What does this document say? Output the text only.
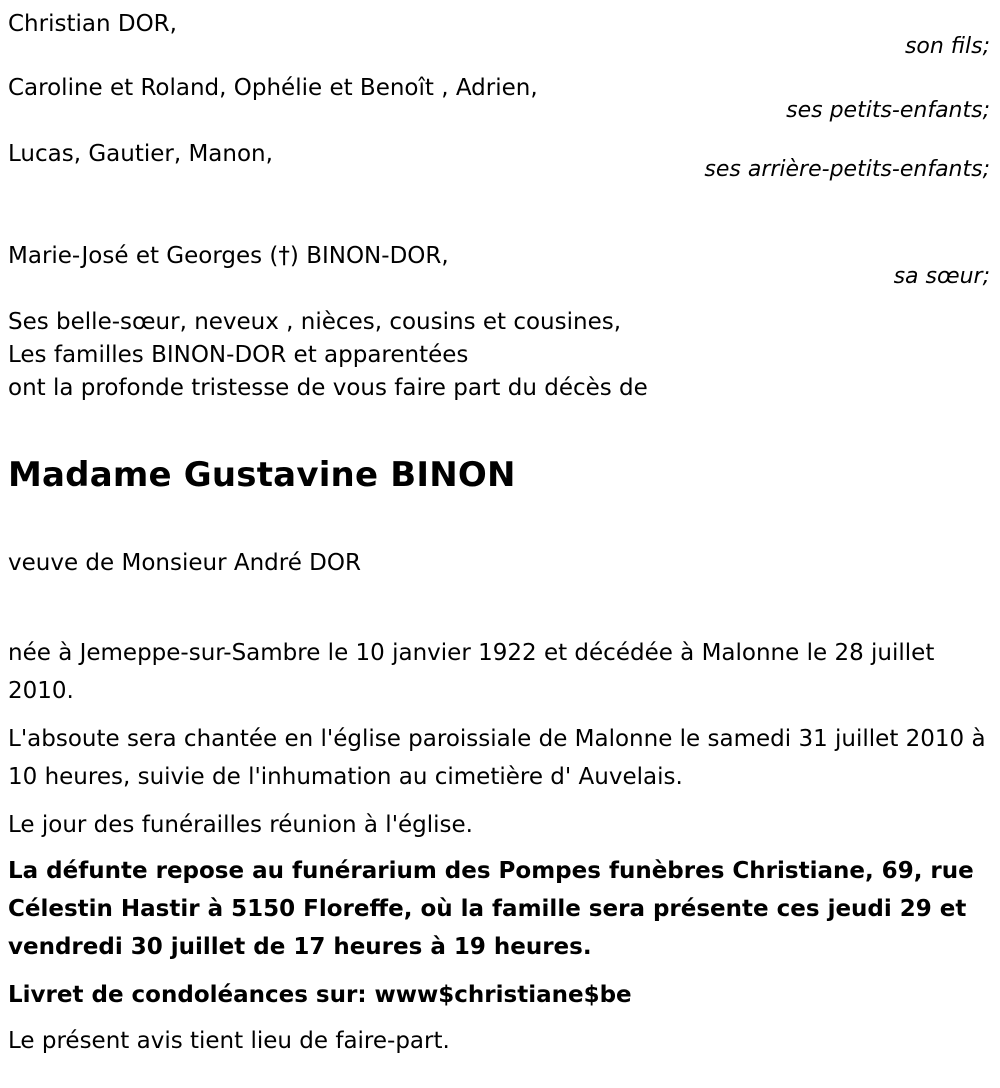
Christian DOR,
son fils;
Caroline et Roland, Ophélie et Benoît , Adrien,
ses petits-enfants;
Lucas, Gautier, Manon,
ses arrière-petits-enfants;
Marie-José et Georges (†) BINON-DOR,
sa sœur;
Ses belle-sœur, neveux , nièces, cousins et cousines,
Les familles BINON-DOR et apparentées
ont la profonde tristesse de vous faire part du décès de
Madame Gustavine BINON
veuve de Monsieur André DOR

née à Jemeppe-sur-Sambre le 10 janvier 1922 et décédée à Malonne le 28 juillet 2010.

L'absoute sera chantée en l'église paroissiale de Malonne le samedi 31 juillet 2010 à 10 heures, suivie de l'inhumation au cimetière d' Auvelais.

Le jour des funérailles réunion à l'église.

La défunte repose au funérarium des Pompes funèbres Christiane, 69, rue Célestin Hastir à 5150 Floreffe, où la famille sera présente ces jeudi 29 et vendredi 30 juillet de 17 heures à 19 heures.

Livret de condoléances sur: www$christiane$be

Le présent avis tient lieu de faire-part.
